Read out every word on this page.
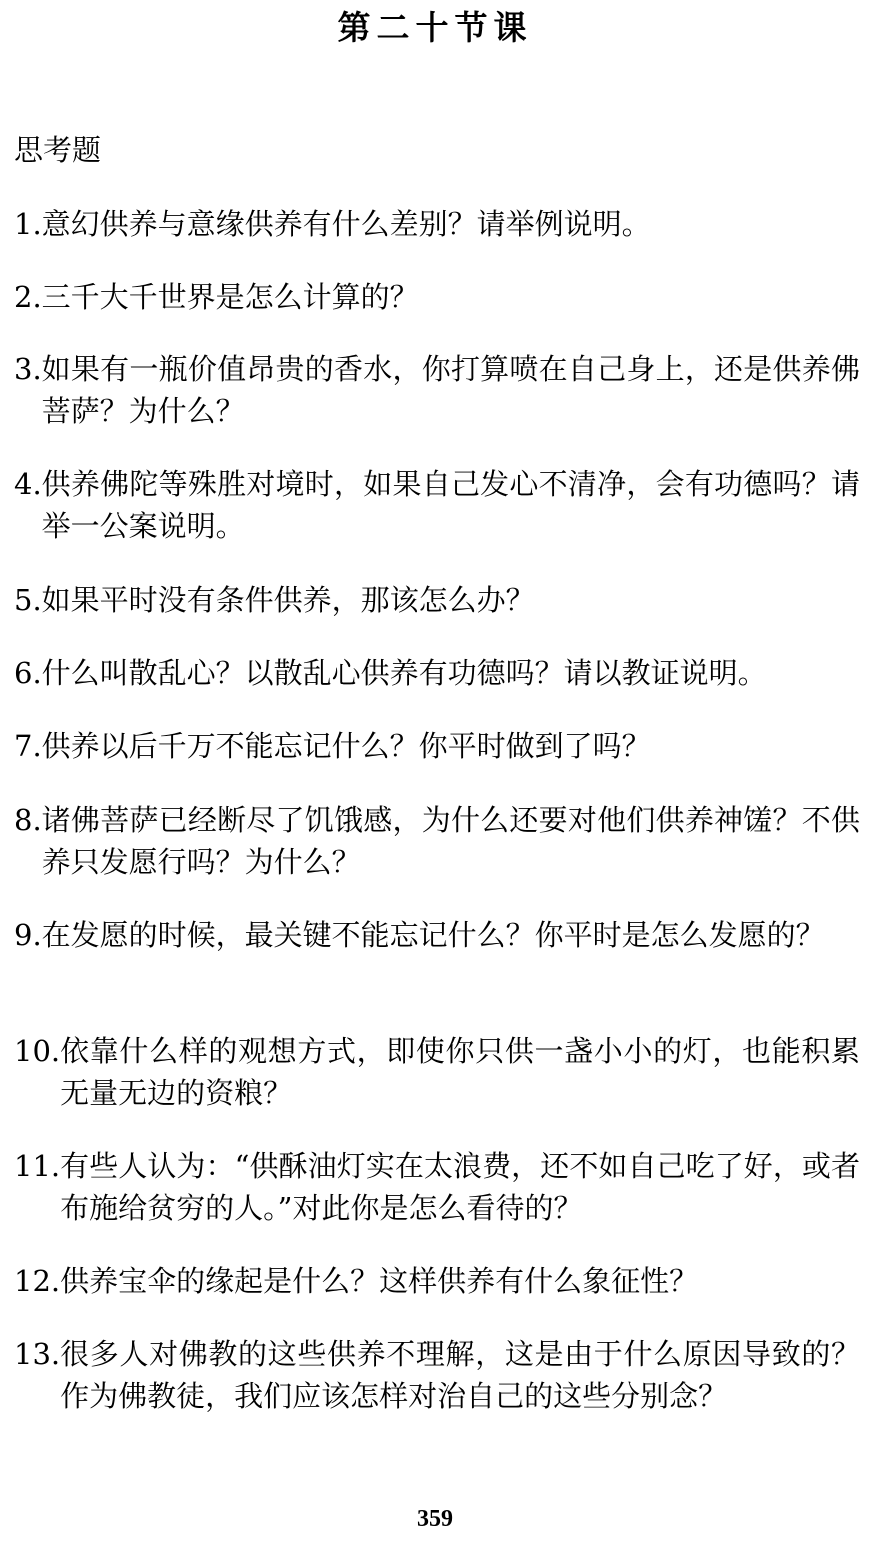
第二十节课
思考题
1. 意幻供养与意缘供养有什么差别？请举例说明。
2. 三千大千世界是怎么计算的？
3. 如果有一瓶价值昂贵的香水，你打算喷在自己身上，还是供养佛菩萨？为什么？
4. 供养佛陀等殊胜对境时，如果自己发心不清净，会有功德吗？请举一公案说明。
5. 如果平时没有条件供养，那该怎么办？
6. 什么叫散乱心？以散乱心供养有功德吗？请以教证说明。
7. 供养以后千万不能忘记什么？你平时做到了吗？
8. 诸佛菩萨已经断尽了饥饿感，为什么还要对他们供养神馐？不供养只发愿行吗？为什么？
9. 在发愿的时候，最关键不能忘记什么？你平时是怎么发愿的？
10. 依靠什么样的观想方式，即使你只供一盏小小的灯，也能积累无量无边的资粮？
11. 有些人认为：“供酥油灯实在太浪费，还不如自己吃了好，或者布施给贫穷的人。”对此你是怎么看待的？
12. 供养宝伞的缘起是什么？这样供养有什么象征性？
13. 很多人对佛教的这些供养不理解，这是由于什么原因导致的？作为佛教徒，我们应该怎样对治自己的这些分别念？
359
